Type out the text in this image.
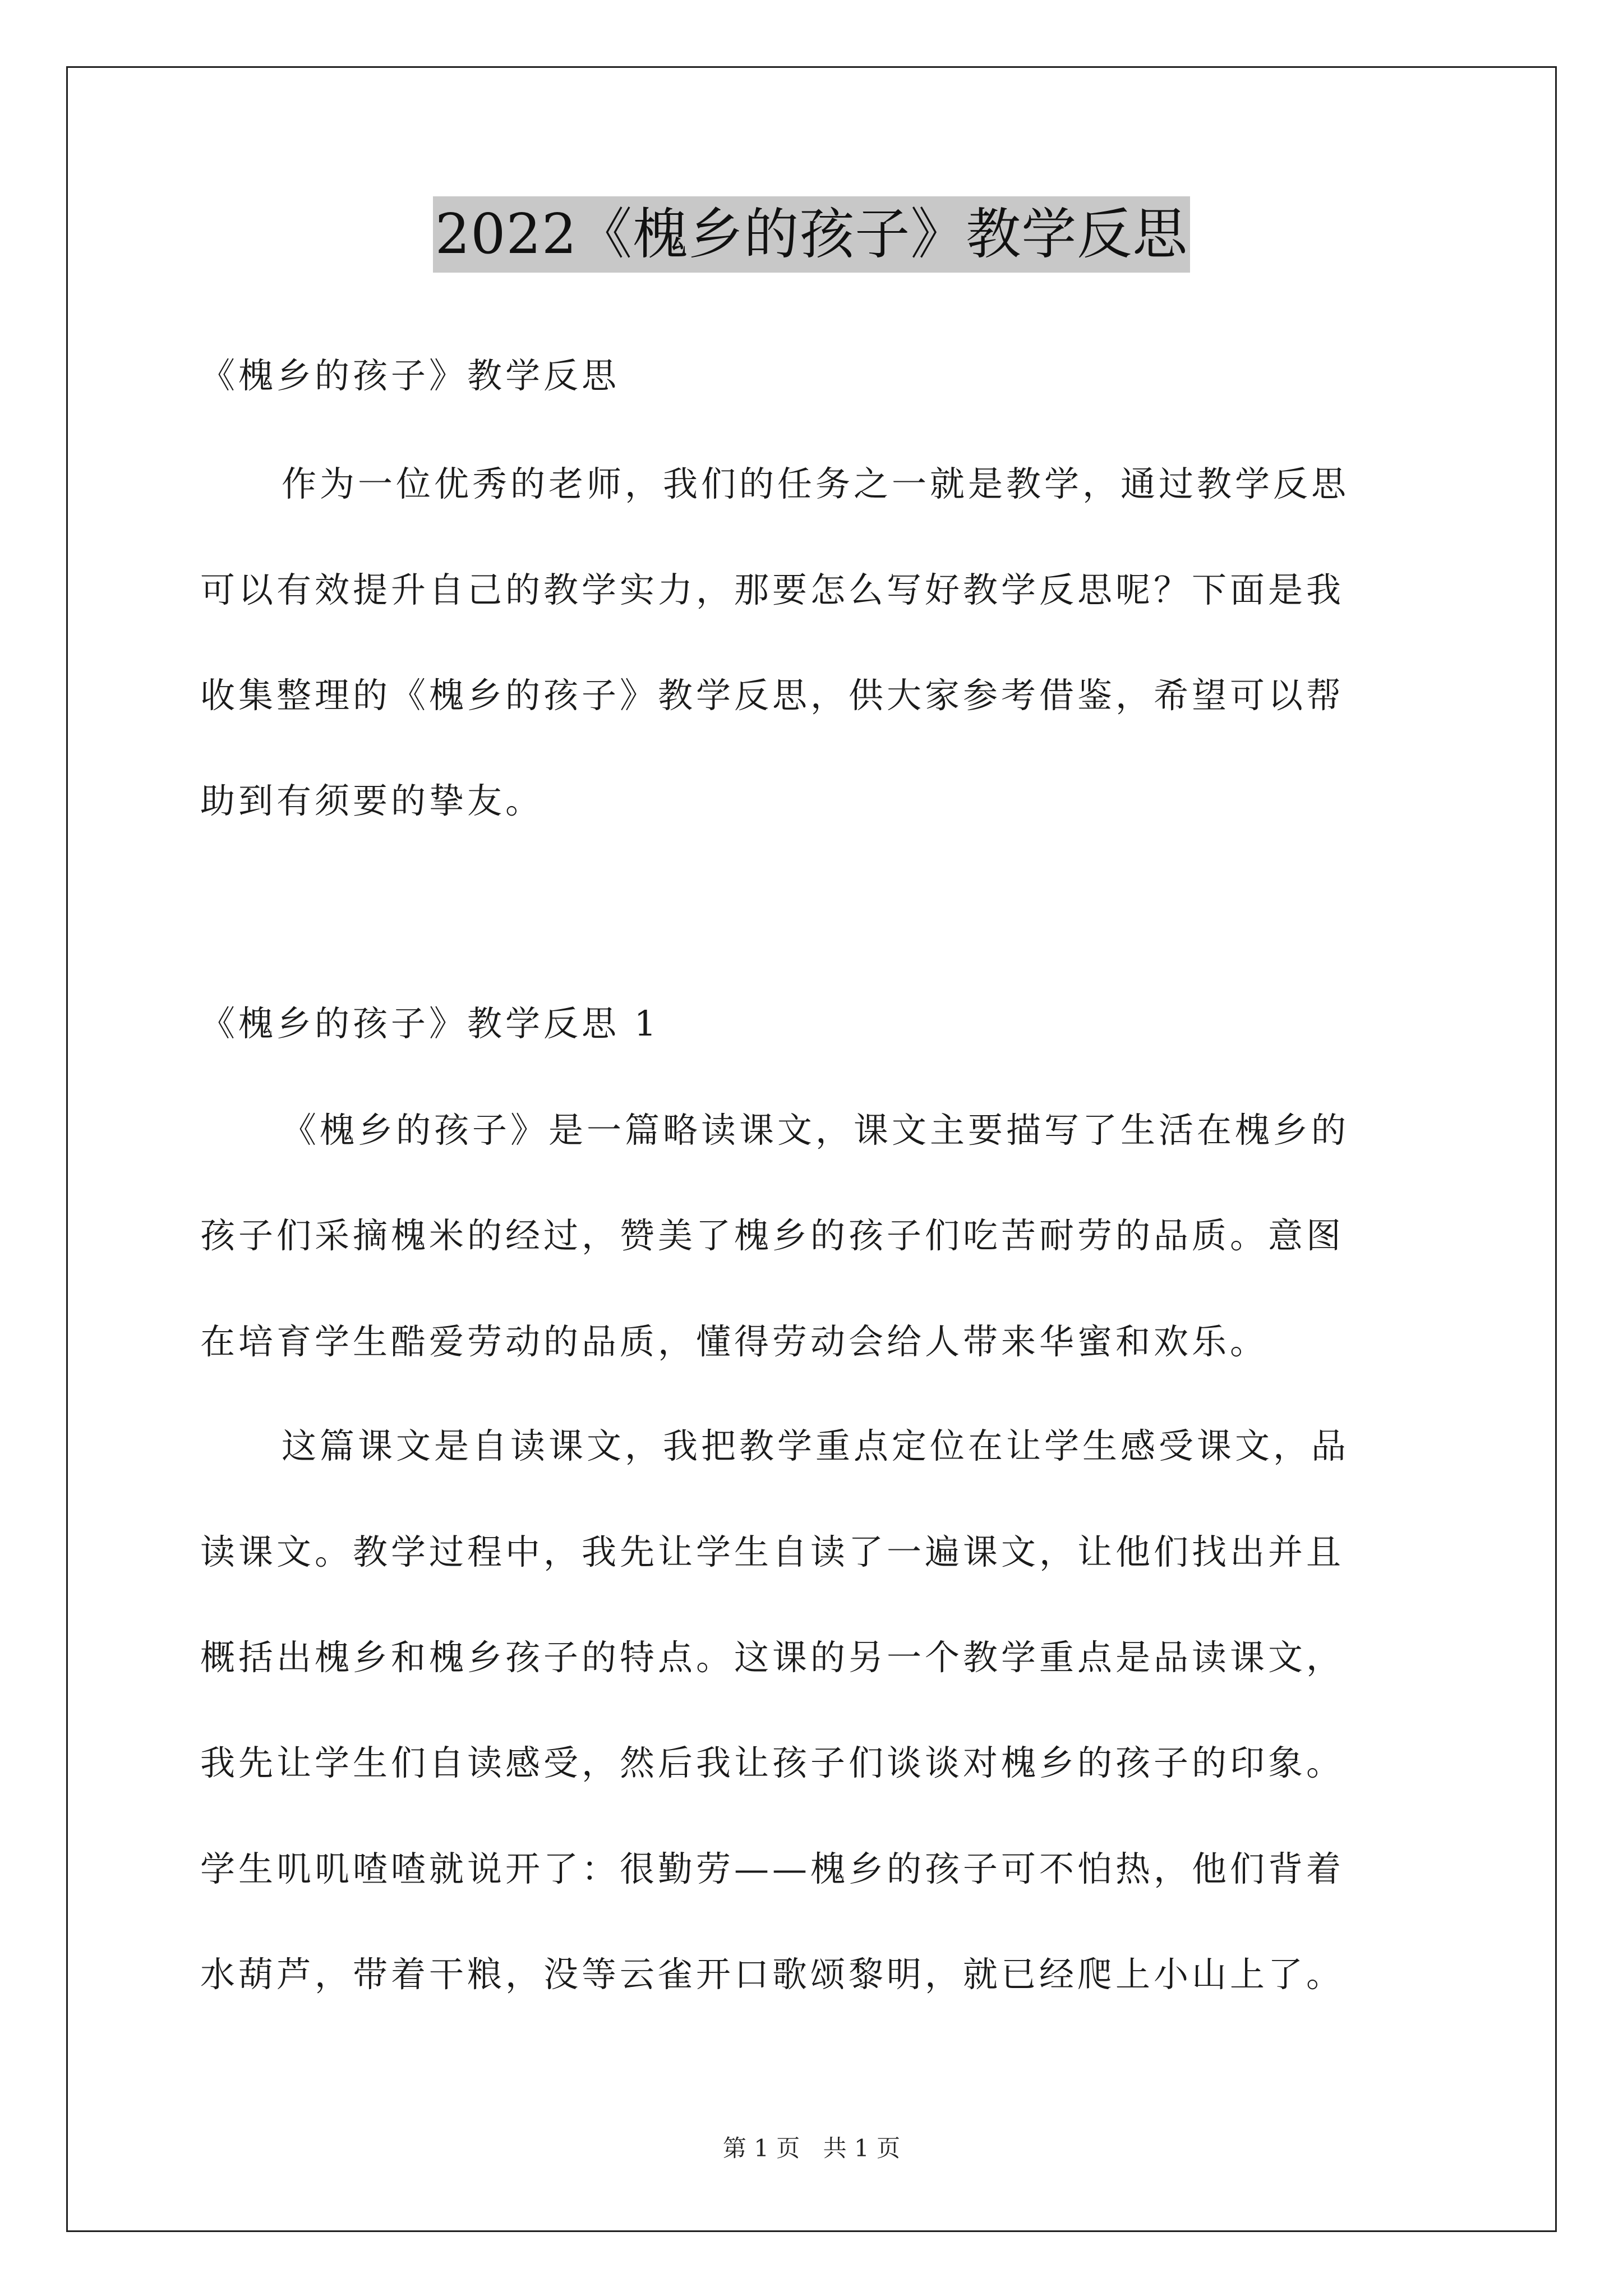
2022《槐乡的孩子》教学反思
《槐乡的孩子》教学反思
作为一位优秀的老师，我们的任务之一就是教学，通过教学反思
可以有效提升自己的教学实力，那要怎么写好教学反思呢？下面是我
收集整理的《槐乡的孩子》教学反思，供大家参考借鉴，希望可以帮
助到有须要的挚友。
《槐乡的孩子》教学反思 1
《槐乡的孩子》是一篇略读课文，课文主要描写了生活在槐乡的
孩子们采摘槐米的经过，赞美了槐乡的孩子们吃苦耐劳的品质。意图
在培育学生酷爱劳动的品质，懂得劳动会给人带来华蜜和欢乐。
这篇课文是自读课文，我把教学重点定位在让学生感受课文，品
读课文。教学过程中，我先让学生自读了一遍课文，让他们找出并且
概括出槐乡和槐乡孩子的特点。这课的另一个教学重点是品读课文，
我先让学生们自读感受，然后我让孩子们谈谈对槐乡的孩子的印象。
学生叽叽喳喳就说开了：很勤劳——槐乡的孩子可不怕热，他们背着
水葫芦，带着干粮，没等云雀开口歌颂黎明，就已经爬上小山上了。
第 1 页 共 1 页
